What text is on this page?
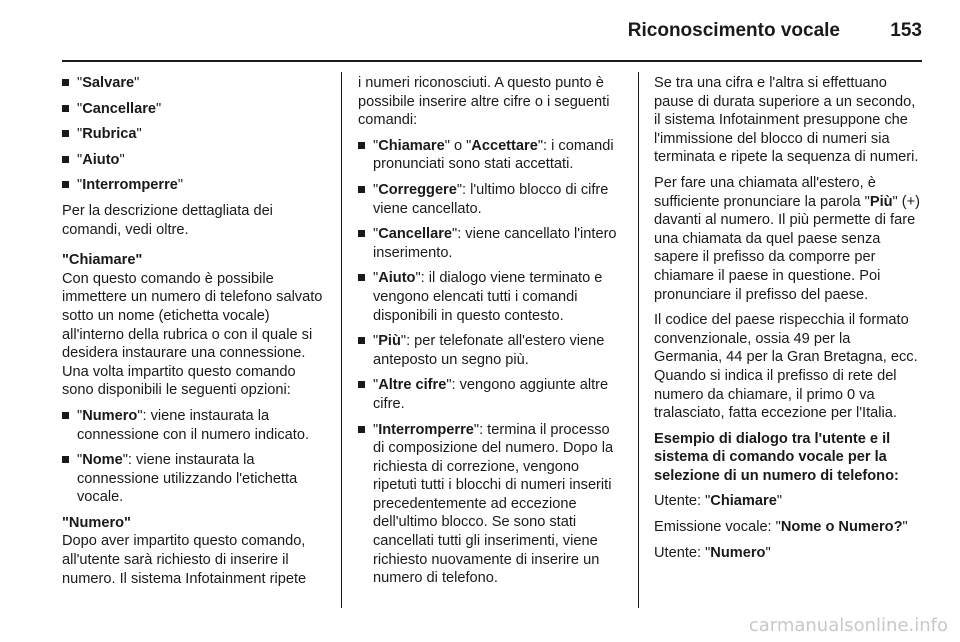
Riconoscimento vocale	153
"Salvare"
"Cancellare"
"Rubrica"
"Aiuto"
"Interromperre"

Per la descrizione dettagliata dei comandi, vedi oltre.

"Chiamare"

Con questo comando è possibile immettere un numero di telefono salvato sotto un nome (etichetta vocale) all'interno della rubrica o con il quale si desidera instaurare una connessione. Una volta impartito questo comando sono disponibili le seguenti opzioni:

"Numero": viene instaurata la connessione con il numero indicato.
"Nome": viene instaurata la connessione utilizzando l'etichetta vocale.

"Numero"

Dopo aver impartito questo comando, all'utente sarà richiesto di inserire il numero. Il sistema Infotainment ripete

i numeri riconosciuti. A questo punto è possibile inserire altre cifre o i seguenti comandi:

"Chiamare" o "Accettare": i comandi pronunciati sono stati accettati.
"Correggere": l'ultimo blocco di cifre viene cancellato.
"Cancellare": viene cancellato l'intero inserimento.
"Aiuto": il dialogo viene terminato e vengono elencati tutti i comandi disponibili in questo contesto.
"Più": per telefonate all'estero viene anteposto un segno più.
"Altre cifre": vengono aggiunte altre cifre.
"Interromperre": termina il processo di composizione del numero. Dopo la richiesta di correzione, vengono ripetuti tutti i blocchi di numeri inseriti precedentemente ad eccezione dell'ultimo blocco. Se sono stati cancellati tutti gli inserimenti, viene richiesto nuovamente di inserire un numero di telefono.

Se tra una cifra e l'altra si effettuano pause di durata superiore a un secondo, il sistema Infotainment presuppone che l'immissione del blocco di numeri sia terminata e ripete la sequenza di numeri.

Per fare una chiamata all'estero, è sufficiente pronunciare la parola "Più" (+) davanti al numero. Il più permette di fare una chiamata da quel paese senza sapere il prefisso da comporre per chiamare il paese in questione. Poi pronunciare il prefisso del paese.

Il codice del paese rispecchia il formato convenzionale, ossia 49 per la Germania, 44 per la Gran Bretagna, ecc. Quando si indica il prefisso di rete del numero da chiamare, il primo 0 va tralasciato, fatta eccezione per l'Italia.

Esempio di dialogo tra l'utente e il sistema di comando vocale per la selezione di un numero di telefono:

Utente: "Chiamare"

Emissione vocale: "Nome o Numero?"

Utente: "Numero"

carmanualsonline.info
